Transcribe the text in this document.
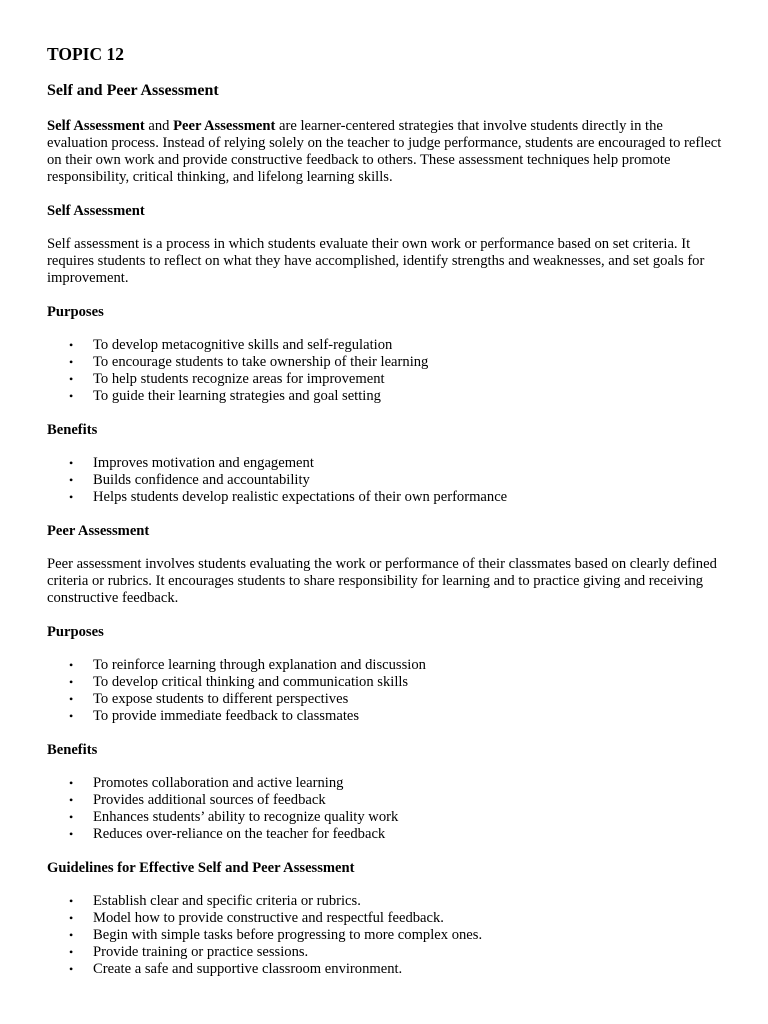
TOPIC 12
Self and Peer Assessment

Self Assessment and Peer Assessment are learner-centered strategies that involve students directly in the evaluation process. Instead of relying solely on the teacher to judge performance, students are encouraged to reflect on their own work and provide constructive feedback to others. These assessment techniques help promote responsibility, critical thinking, and lifelong learning skills.

Self Assessment

Self assessment is a process in which students evaluate their own work or performance based on set criteria. It requires students to reflect on what they have accomplished, identify strengths and weaknesses, and set goals for improvement.

Purposes
• To develop metacognitive skills and self-regulation
• To encourage students to take ownership of their learning
• To help students recognize areas for improvement
• To guide their learning strategies and goal setting
Benefits
• Improves motivation and engagement
• Builds confidence and accountability
• Helps students develop realistic expectations of their own performance
Peer Assessment

Peer assessment involves students evaluating the work or performance of their classmates based on clearly defined criteria or rubrics. It encourages students to share responsibility for learning and to practice giving and receiving constructive feedback.

Purposes
• To reinforce learning through explanation and discussion
• To develop critical thinking and communication skills
• To expose students to different perspectives
• To provide immediate feedback to classmates
Benefits
• Promotes collaboration and active learning
• Provides additional sources of feedback
• Enhances students’ ability to recognize quality work
• Reduces over-reliance on the teacher for feedback
Guidelines for Effective Self and Peer Assessment
• Establish clear and specific criteria or rubrics.
• Model how to provide constructive and respectful feedback.
• Begin with simple tasks before progressing to more complex ones.
• Provide training or practice sessions.
• Create a safe and supportive classroom environment.
